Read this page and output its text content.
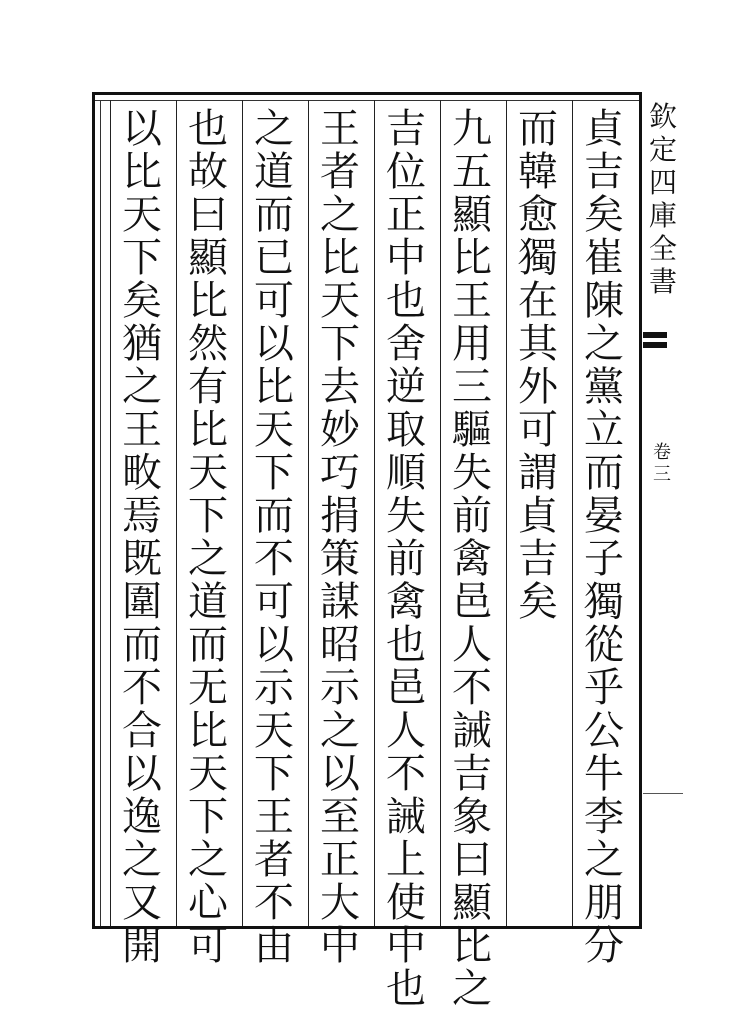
欽
定
四
庫
全
書
卷
三
貞
吉
矣
崔
陳
之
黨
立
而
晏
子
獨
從
乎
公
牛
李
之
朋
分
而
韓
愈
獨
在
其
外
可
謂
貞
吉
矣
九
五
顯
比
王
用
三
驅
失
前
禽
邑
人
不
誡
吉
象
曰
顯
比
之
吉
位
正
中
也
舍
逆
取
順
失
前
禽
也
邑
人
不
誡
上
使
中
也
王
者
之
比
天
下
去
妙
巧
捐
策
謀
昭
示
之
以
至
正
大
中
之
道
而
已
可
以
比
天
下
而
不
可
以
示
天
下
王
者
不
由
也
故
曰
顯
比
然
有
比
天
下
之
道
而
无
比
天
下
之
心
可
以
比
天
下
矣
猶
之
王
畋
焉
既
圍
而
不
合
以
逸
之
又
開
